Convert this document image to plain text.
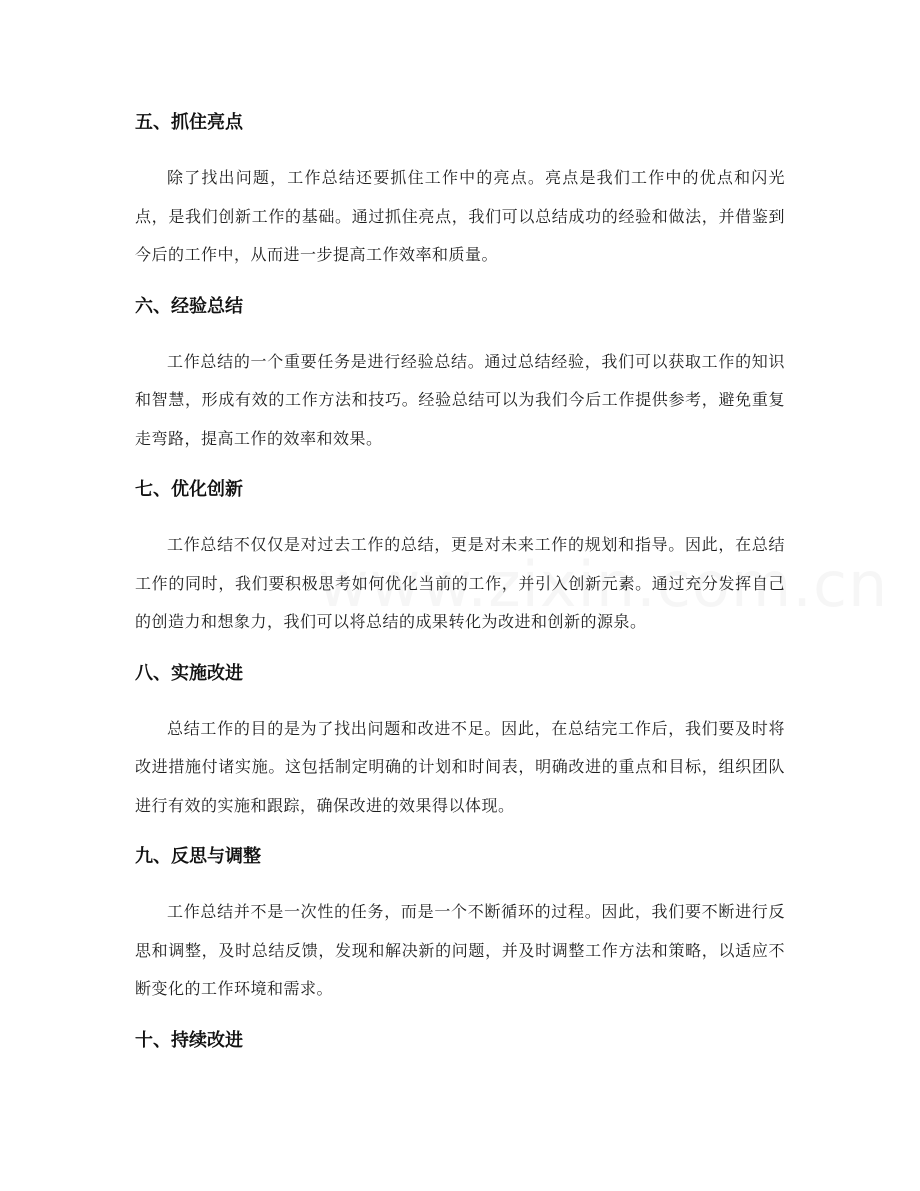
五、抓住亮点

除了找出问题，工作总结还要抓住工作中的亮点。亮点是我们工作中的优点和闪光点，是我们创新工作的基础。通过抓住亮点，我们可以总结成功的经验和做法，并借鉴到今后的工作中，从而进一步提高工作效率和质量。

六、经验总结

工作总结的一个重要任务是进行经验总结。通过总结经验，我们可以获取工作的知识和智慧，形成有效的工作方法和技巧。经验总结可以为我们今后工作提供参考，避免重复走弯路，提高工作的效率和效果。

七、优化创新

工作总结不仅仅是对过去工作的总结，更是对未来工作的规划和指导。因此，在总结工作的同时，我们要积极思考如何优化当前的工作，并引入创新元素。通过充分发挥自己的创造力和想象力，我们可以将总结的成果转化为改进和创新的源泉。

八、实施改进

总结工作的目的是为了找出问题和改进不足。因此，在总结完工作后，我们要及时将改进措施付诸实施。这包括制定明确的计划和时间表，明确改进的重点和目标，组织团队进行有效的实施和跟踪，确保改进的效果得以体现。

九、反思与调整

工作总结并不是一次性的任务，而是一个不断循环的过程。因此，我们要不断进行反思和调整，及时总结反馈，发现和解决新的问题，并及时调整工作方法和策略，以适应不断变化的工作环境和需求。

十、持续改进
